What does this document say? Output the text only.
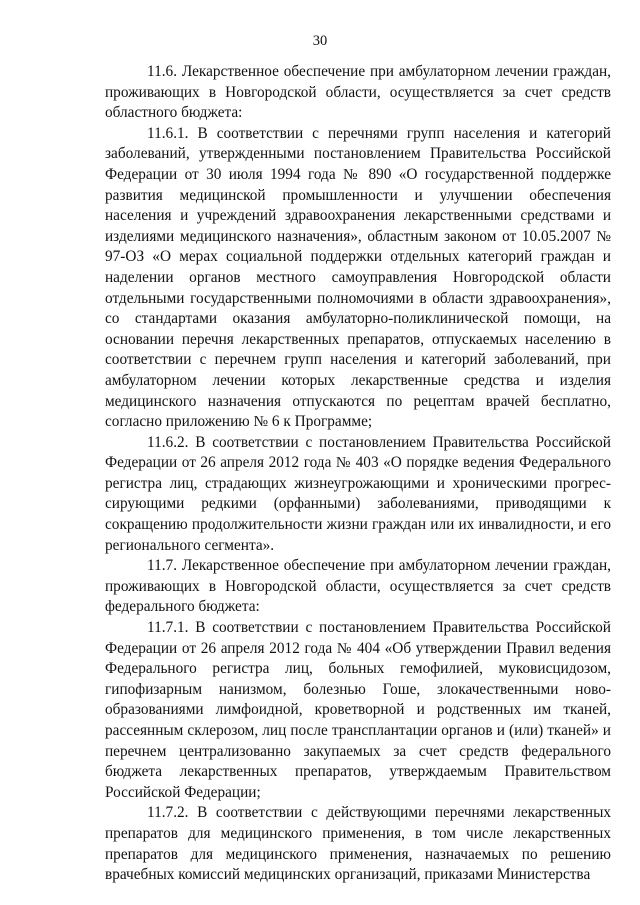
30

11.6. Лекарственное обеспечение при амбулаторном лечении граждан, проживающих в Новгородской области, осуществляется за счет средств областного бюджета:

11.6.1. В соответствии с перечнями групп населения и категорий заболеваний, утвержденными постановлением Правительства Российской Федерации от 30 июля 1994 года № 890 «О государственной поддержке развития медицинской промышленности и улучшении обеспечения населения и учреждений здравоохранения лекарственными средствами и изделиями медицинского назначения», областным законом от 10.05.2007 № 97-ОЗ «О мерах социальной поддержки отдельных категорий граждан и наделении органов местного самоуправления Новгородской области отдельными государственными полномочиями в области здравоохранения», со стандартами оказания амбулаторно-поликлинической помощи, на основании перечня лекарственных препаратов, отпускаемых населению в соответствии с перечнем групп населения и категорий заболеваний, при амбулаторном лечении которых лекарственные средства и изделия медицинского назначения отпускаются по рецептам врачей бесплатно, согласно приложению № 6 к Программе;

11.6.2. В соответствии с постановлением Правительства Российской Федерации от 26 апреля 2012 года № 403 «О порядке ведения Федерального регистра лиц, страдающих жизнеугрожающими и хроническими прогрес-сирующими редкими (орфанными) заболеваниями, приводящими к сокращению продолжительности жизни граждан или их инвалидности, и его регионального сегмента».

11.7. Лекарственное обеспечение при амбулаторном лечении граждан, проживающих в Новгородской области, осуществляется за счет средств федерального бюджета:

11.7.1. В соответствии с постановлением Правительства Российской Федерации от 26 апреля 2012 года № 404 «Об утверждении Правил ведения Федерального регистра лиц, больных гемофилией, муковисцидозом, гипофизарным нанизмом, болезнью Гоше, злокачественными ново-образованиями лимфоидной, кроветворной и родственных им тканей, рассеянным склерозом, лиц после трансплантации органов и (или) тканей» и перечнем централизованно закупаемых за счет средств федерального бюджета лекарственных препаратов, утверждаемым Правительством Российской Федерации;

11.7.2. В соответствии с действующими перечнями лекарственных препаратов для медицинского применения, в том числе лекарственных препаратов для медицинского применения, назначаемых по решению врачебных комиссий медицинских организаций, приказами Министерства
